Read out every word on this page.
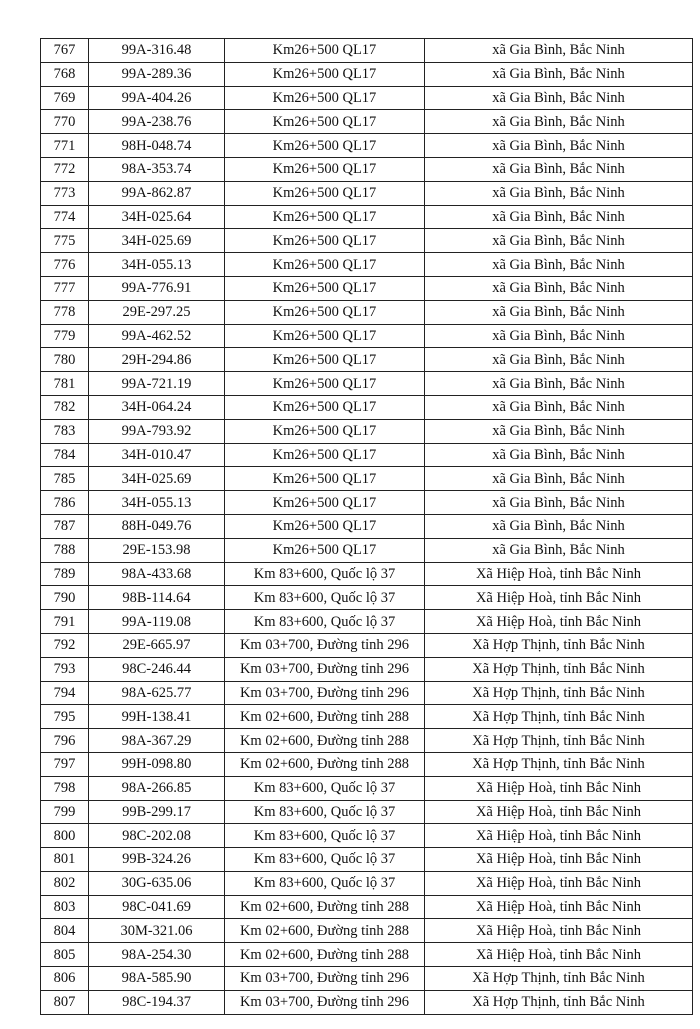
767	99A-316.48	Km26+500 QL17	xã Gia Bình, Bắc Ninh
768	99A-289.36	Km26+500 QL17	xã Gia Bình, Bắc Ninh
769	99A-404.26	Km26+500 QL17	xã Gia Bình, Bắc Ninh
770	99A-238.76	Km26+500 QL17	xã Gia Bình, Bắc Ninh
771	98H-048.74	Km26+500 QL17	xã Gia Bình, Bắc Ninh
772	98A-353.74	Km26+500 QL17	xã Gia Bình, Bắc Ninh
773	99A-862.87	Km26+500 QL17	xã Gia Bình, Bắc Ninh
774	34H-025.64	Km26+500 QL17	xã Gia Bình, Bắc Ninh
775	34H-025.69	Km26+500 QL17	xã Gia Bình, Bắc Ninh
776	34H-055.13	Km26+500 QL17	xã Gia Bình, Bắc Ninh
777	99A-776.91	Km26+500 QL17	xã Gia Bình, Bắc Ninh
778	29E-297.25	Km26+500 QL17	xã Gia Bình, Bắc Ninh
779	99A-462.52	Km26+500 QL17	xã Gia Bình, Bắc Ninh
780	29H-294.86	Km26+500 QL17	xã Gia Bình, Bắc Ninh
781	99A-721.19	Km26+500 QL17	xã Gia Bình, Bắc Ninh
782	34H-064.24	Km26+500 QL17	xã Gia Bình, Bắc Ninh
783	99A-793.92	Km26+500 QL17	xã Gia Bình, Bắc Ninh
784	34H-010.47	Km26+500 QL17	xã Gia Bình, Bắc Ninh
785	34H-025.69	Km26+500 QL17	xã Gia Bình, Bắc Ninh
786	34H-055.13	Km26+500 QL17	xã Gia Bình, Bắc Ninh
787	88H-049.76	Km26+500 QL17	xã Gia Bình, Bắc Ninh
788	29E-153.98	Km26+500 QL17	xã Gia Bình, Bắc Ninh
789	98A-433.68	Km 83+600, Quốc lộ 37	Xã Hiệp Hoà, tỉnh Bắc Ninh
790	98B-114.64	Km 83+600, Quốc lộ 37	Xã Hiệp Hoà, tỉnh Bắc Ninh
791	99A-119.08	Km 83+600, Quốc lộ 37	Xã Hiệp Hoà, tỉnh Bắc Ninh
792	29E-665.97	Km 03+700, Đường tỉnh 296	Xã Hợp Thịnh, tỉnh Bắc Ninh
793	98C-246.44	Km 03+700, Đường tỉnh 296	Xã Hợp Thịnh, tỉnh Bắc Ninh
794	98A-625.77	Km 03+700, Đường tỉnh 296	Xã Hợp Thịnh, tỉnh Bắc Ninh
795	99H-138.41	Km 02+600, Đường tỉnh 288	Xã Hợp Thịnh, tỉnh Bắc Ninh
796	98A-367.29	Km 02+600, Đường tỉnh 288	Xã Hợp Thịnh, tỉnh Bắc Ninh
797	99H-098.80	Km 02+600, Đường tỉnh 288	Xã Hợp Thịnh, tỉnh Bắc Ninh
798	98A-266.85	Km 83+600, Quốc lộ 37	Xã Hiệp Hoà, tỉnh Bắc Ninh
799	99B-299.17	Km 83+600, Quốc lộ 37	Xã Hiệp Hoà, tỉnh Bắc Ninh
800	98C-202.08	Km 83+600, Quốc lộ 37	Xã Hiệp Hoà, tỉnh Bắc Ninh
801	99B-324.26	Km 83+600, Quốc lộ 37	Xã Hiệp Hoà, tỉnh Bắc Ninh
802	30G-635.06	Km 83+600, Quốc lộ 37	Xã Hiệp Hoà, tỉnh Bắc Ninh
803	98C-041.69	Km 02+600, Đường tỉnh 288	Xã Hiệp Hoà, tỉnh Bắc Ninh
804	30M-321.06	Km 02+600, Đường tỉnh 288	Xã Hiệp Hoà, tỉnh Bắc Ninh
805	98A-254.30	Km 02+600, Đường tỉnh 288	Xã Hiệp Hoà, tỉnh Bắc Ninh
806	98A-585.90	Km 03+700, Đường tỉnh 296	Xã Hợp Thịnh, tỉnh Bắc Ninh
807	98C-194.37	Km 03+700, Đường tỉnh 296	Xã Hợp Thịnh, tỉnh Bắc Ninh
